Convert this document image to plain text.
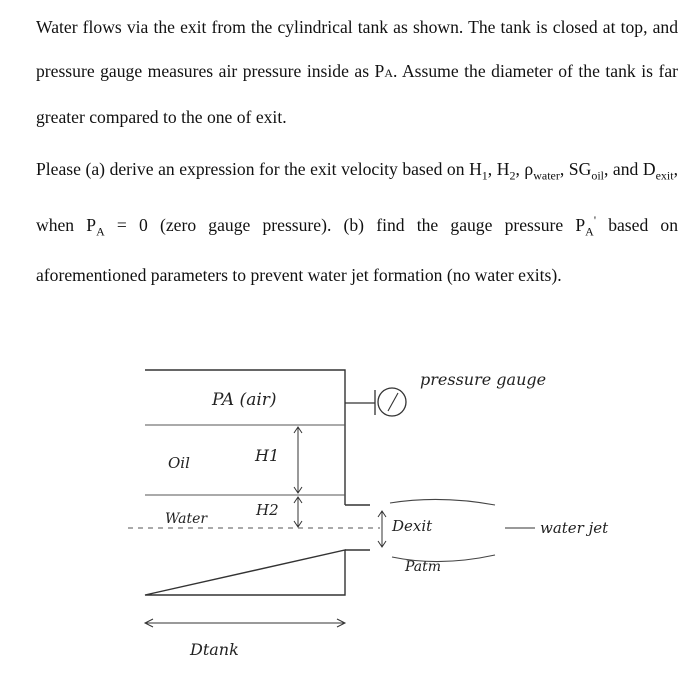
Water flows via the exit from the cylindrical tank as shown. The tank is closed at top, and pressure gauge measures air pressure inside as PA. Assume the diameter of the tank is far greater compared to the one of exit.
Please (a) derive an expression for the exit velocity based on $H_1$, $H_2$, $\rho_{water}$, $SG_{oil}$, and $D_{exit}$, when $P_A = 0$ (zero gauge pressure). (b) find the gauge pressure $P_A'$ based on aforementioned parameters to prevent water jet formation (no water exits).
PA (air)
pressure gauge
Oil	H1
Water	H2
Dexit
Patm
water jet
Dtank
